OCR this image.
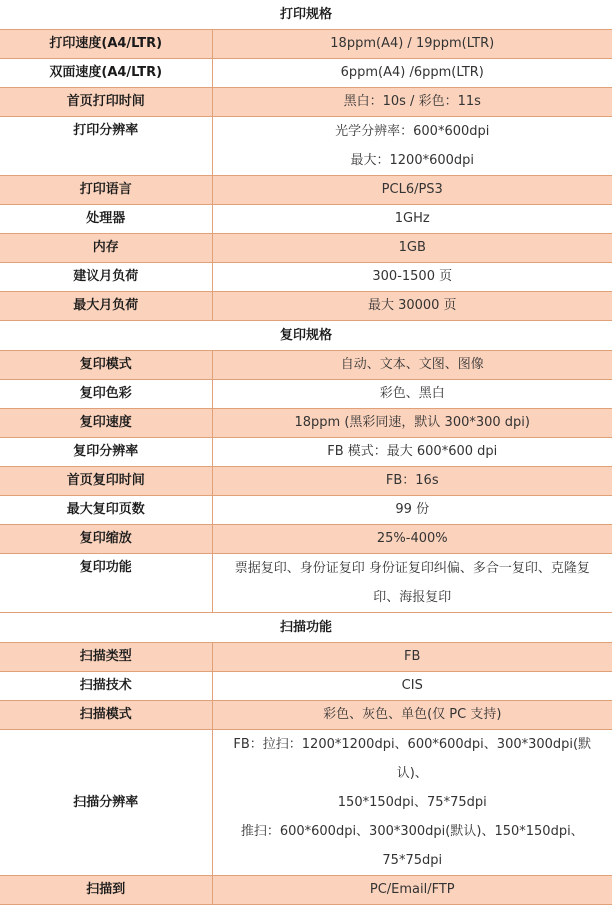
打印规格	
打印速度(A4/LTR)	18ppm(A4) / 19ppm(LTR)

双面速度(A4/LTR)	6ppm(A4) /6ppm(LTR)

首页打印时间	黑白：10s / 彩色：11s

打印分辨率	光学分辨率：600*600dpi
最大：1200*600dpi

打印语言	PCL6/PS3

处理器	1GHz

内存	1GB

建议月负荷	300-1500 页

最大月负荷	最大 30000 页

复印规格	
复印模式	自动、文本、文图、图像

复印色彩	彩色、黑白

复印速度	18ppm (黑彩同速，默认 300*300 dpi)

复印分辨率	FB 模式：最大 600*600 dpi

首页复印时间	FB：16s

最大复印页数	99 份

复印缩放	25%-400%

复印功能	票据复印、身份证复印 身份证复印纠偏、多合一复印、克隆复
印、海报复印

扫描功能	
扫描类型	FB

扫描技术	CIS

扫描模式	彩色、灰色、单色(仅 PC 支持)

扫描分辨率	FB：拉扫：1200*1200dpi、600*600dpi、300*300dpi(默认)、
150*150dpi、75*75dpi
推扫：600*600dpi、300*300dpi(默认)、150*150dpi、75*75dpi

扫描到	PC/Email/FTP
